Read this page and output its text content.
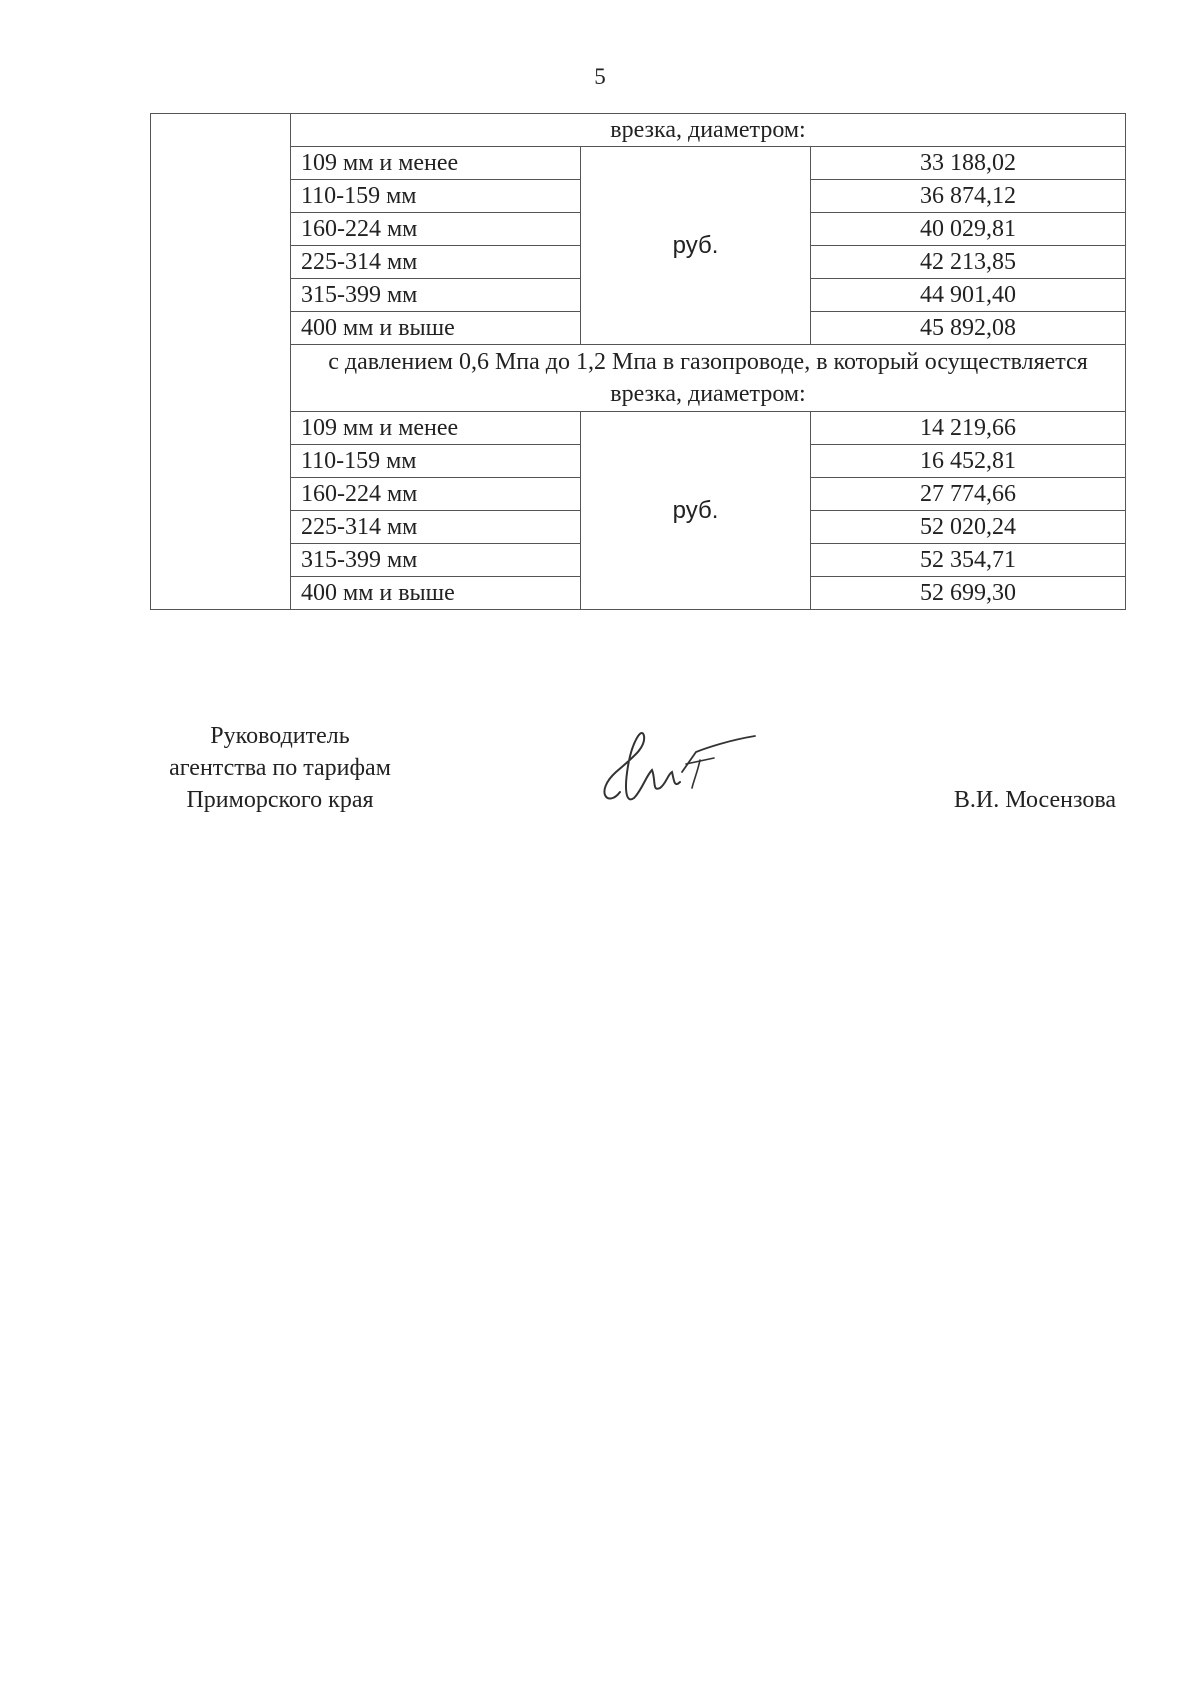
5
	врезка, диаметром:		
	109 мм и менее	руб.	33 188,02
	110-159 мм		36 874,12
	160-224 мм		40 029,81
	225-314 мм		42 213,85
	315-399 мм		44 901,40
	400 мм и выше		45 892,08
	с давлением 0,6 Мпа до 1,2 Мпа в газопроводе, в который осуществляется врезка, диаметром:		
	109 мм и менее	руб.	14 219,66
	110-159 мм		16 452,81
	160-224 мм		27 774,66
	225-314 мм		52 020,24
	315-399 мм		52 354,71
	400 мм и выше		52 699,30
Руководитель
агентства по тарифам
Приморского края	В.И. Мосензова
